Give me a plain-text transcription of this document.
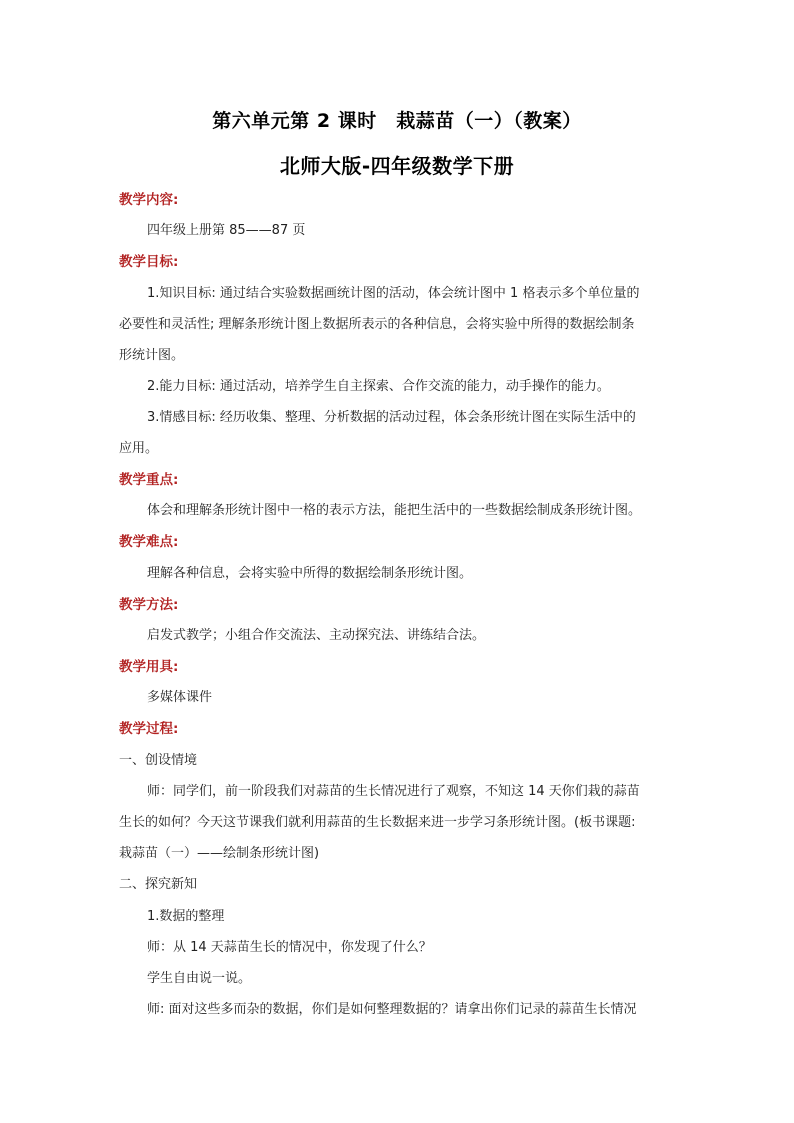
第六单元第 2 课时　栽蒜苗（一）（教案）
北师大版-四年级数学下册
教学内容:
四年级上册第 85——87 页
教学目标:
1.知识目标: 通过结合实验数据画统计图的活动，体会统计图中 1 格表示多个单位量的
必要性和灵活性; 理解条形统计图上数据所表示的各种信息，会将实验中所得的数据绘制条
形统计图。
2.能力目标: 通过活动，培养学生自主探索、合作交流的能力，动手操作的能力。
3.情感目标: 经历收集、整理、分析数据的活动过程，体会条形统计图在实际生活中的
应用。
教学重点:
体会和理解条形统计图中一格的表示方法，能把生活中的一些数据绘制成条形统计图。
教学难点:
理解各种信息，会将实验中所得的数据绘制条形统计图。
教学方法:
启发式教学；小组合作交流法、主动探究法、讲练结合法。
教学用具:
多媒体课件
教学过程:
一、创设情境
师：同学们，前一阶段我们对蒜苗的生长情况进行了观察，不知这 14 天你们栽的蒜苗
生长的如何？今天这节课我们就利用蒜苗的生长数据来进一步学习条形统计图。(板书课题:
栽蒜苗（一）——绘制条形统计图)
二、探究新知
1.数据的整理
师：从 14 天蒜苗生长的情况中，你发现了什么？
学生自由说一说。
师: 面对这些多而杂的数据，你们是如何整理数据的？请拿出你们记录的蒜苗生长情况
